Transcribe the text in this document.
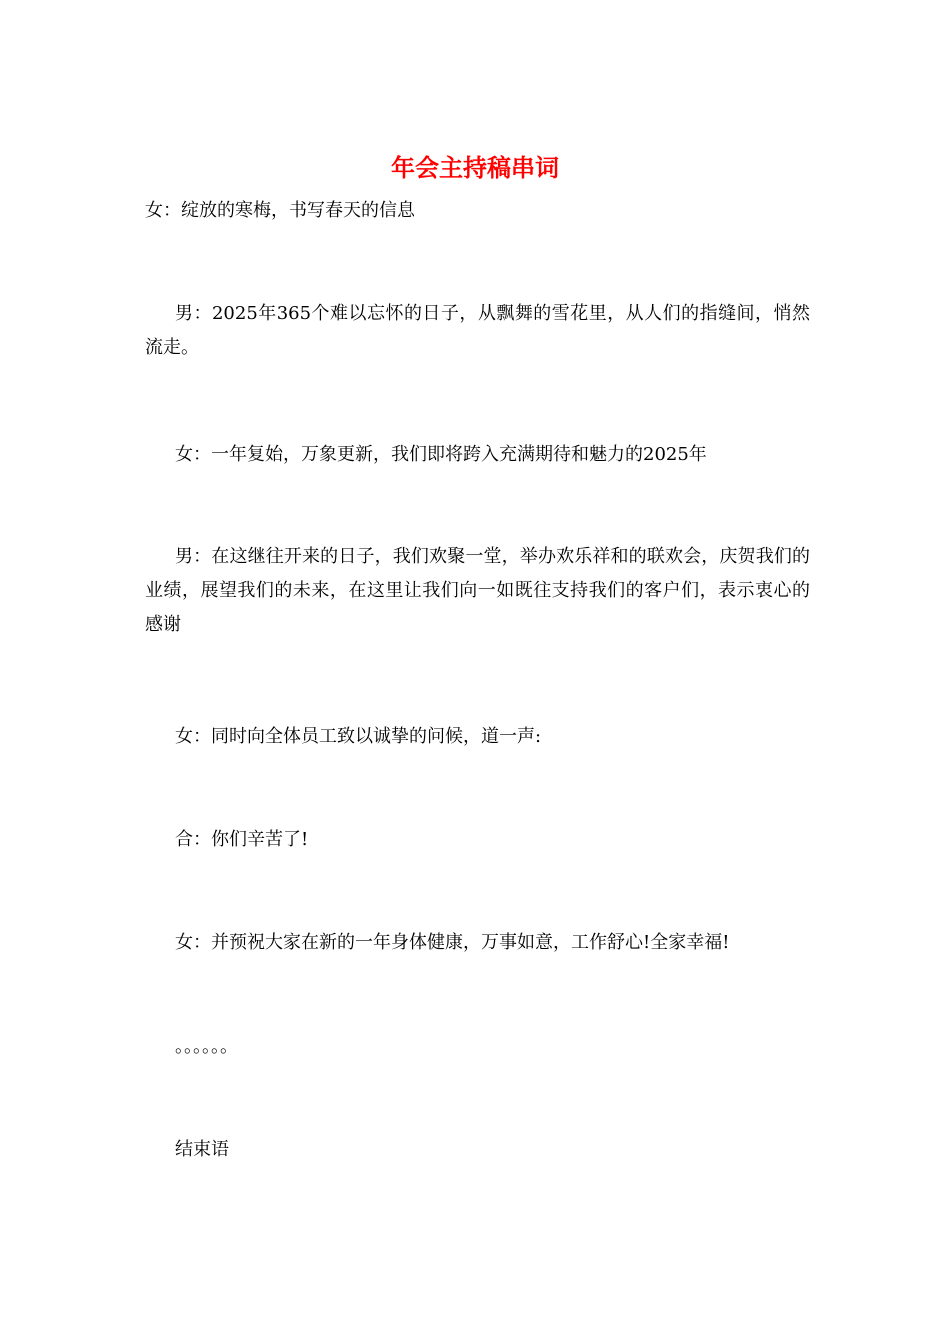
年会主持稿串词

女：绽放的寒梅，书写春天的信息

男：2025年365个难以忘怀的日子，从飘舞的雪花里，从人们的指缝间，悄然流走。

女：一年复始，万象更新，我们即将跨入充满期待和魅力的2025年

男：在这继往开来的日子，我们欢聚一堂，举办欢乐祥和的联欢会，庆贺我们的业绩，展望我们的未来，在这里让我们向一如既往支持我们的客户们，表示衷心的感谢

女：同时向全体员工致以诚挚的问候，道一声:

合：你们辛苦了!

女：并预祝大家在新的一年身体健康，万事如意，工作舒心!全家幸福!

。。。。。。

结束语
